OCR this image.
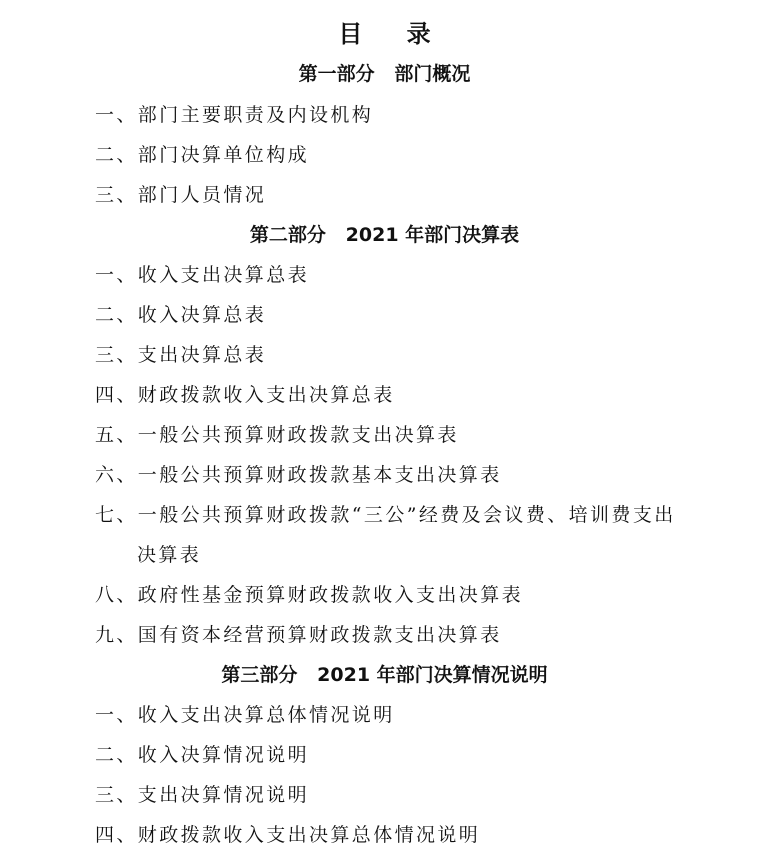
目 录
第一部分   部门概况
一、部门主要职责及内设机构
二、部门决算单位构成
三、部门人员情况
第二部分   2021 年部门决算表
一、收入支出决算总表
二、收入决算总表
三、支出决算总表
四、财政拨款收入支出决算总表
五、一般公共预算财政拨款支出决算表
六、一般公共预算财政拨款基本支出决算表
七、一般公共预算财政拨款“三公”经费及会议费、培训费支出
决算表
八、政府性基金预算财政拨款收入支出决算表
九、国有资本经营预算财政拨款支出决算表
第三部分   2021 年部门决算情况说明
一、收入支出决算总体情况说明
二、收入决算情况说明
三、支出决算情况说明
四、财政拨款收入支出决算总体情况说明
